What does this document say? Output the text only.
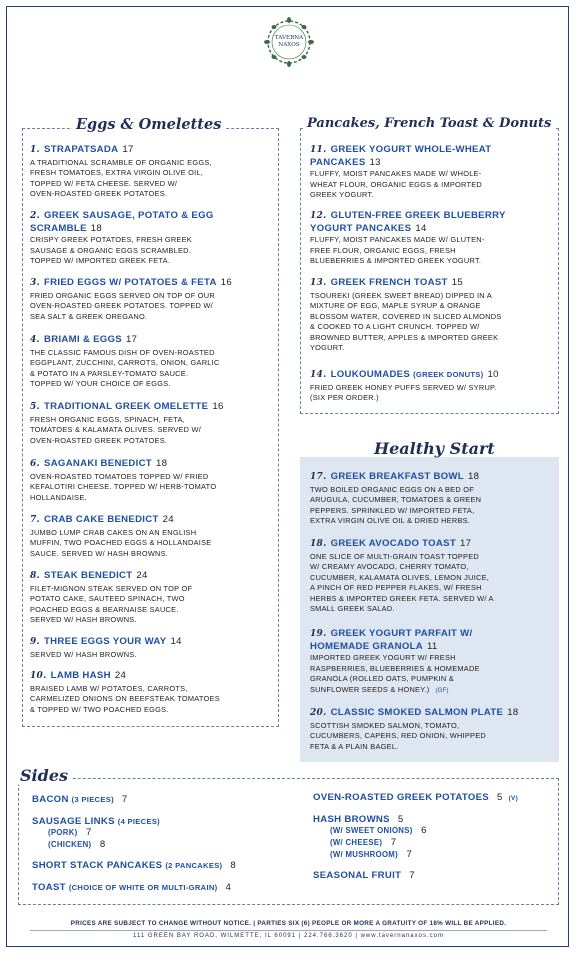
TAVERNA NAXOS
Eggs & Omelettes
1. STRAPATSADA 17
A TRADITIONAL SCRAMBLE OF ORGANIC EGGS,
FRESH TOMATOES, EXTRA VIRGIN OLIVE OIL,
TOPPED W/ FETA CHEESE. SERVED W/
OVEN-ROASTED GREEK POTATOES.
2. GREEK SAUSAGE, POTATO & EGG
SCRAMBLE 18
CRISPY GREEK POTATOES, FRESH GREEK
SAUSAGE & ORGANIC EGGS SCRAMBLED.
TOPPED W/ IMPORTED GREEK FETA.
3. FRIED EGGS W/ POTATOES & FETA 16
FRIED ORGANIC EGGS SERVED ON TOP OF OUR
OVEN-ROASTED GREEK POTATOES. TOPPED W/
SEA SALT & GREEK OREGANO.
4. BRIAMI & EGGS 17
THE CLASSIC FAMOUS DISH OF OVEN-ROASTED
EGGPLANT, ZUCCHINI, CARROTS, ONION, GARLIC
& POTATO IN A PARSLEY-TOMATO SAUCE.
TOPPED W/ YOUR CHOICE OF EGGS.
5. TRADITIONAL GREEK OMELETTE 16
FRESH ORGANIC EGGS, SPINACH, FETA,
TOMATOES & KALAMATA OLIVES. SERVED W/
OVEN-ROASTED GREEK POTATOES.
6. SAGANAKI BENEDICT 18
OVEN-ROASTED TOMATOES TOPPED W/ FRIED
KEFALOTIRI CHEESE. TOPPED W/ HERB-TOMATO
HOLLANDAISE.
7. CRAB CAKE BENEDICT 24
JUMBO LUMP CRAB CAKES ON AN ENGLISH
MUFFIN, TWO POACHED EGGS & HOLLANDAISE
SAUCE. SERVED W/ HASH BROWNS.
8. STEAK BENEDICT 24
FILET-MIGNON STEAK SERVED ON TOP OF
POTATO CAKE, SAUTEED SPINACH, TWO
POACHED EGGS & BEARNAISE SAUCE.
SERVED W/ HASH BROWNS.
9. THREE EGGS YOUR WAY 14
SERVED W/ HASH BROWNS.
10. LAMB HASH 24
BRAISED LAMB W/ POTATOES, CARROTS,
CARMELIZED ONIONS ON BEEFSTEAK TOMATOES
& TOPPED W/ TWO POACHED EGGS.
Pancakes, French Toast & Donuts
11. GREEK YOGURT WHOLE-WHEAT
PANCAKES 13
FLUFFY, MOIST PANCAKES MADE W/ WHOLE-
WHEAT FLOUR, ORGANIC EGGS & IMPORTED
GREEK YOGURT.
12. GLUTEN-FREE GREEK BLUEBERRY
YOGURT PANCAKES 14
FLUFFY, MOIST PANCAKES MADE W/ GLUTEN-
FREE FLOUR, ORGANIC EGGS, FRESH
BLUEBERRIES & IMPORTED GREEK YOGURT.
13. GREEK FRENCH TOAST 15
TSOUREKI (GREEK SWEET BREAD) DIPPED IN A
MIXTURE OF EGG, MAPLE SYRUP & ORANGE
BLOSSOM WATER, COVERED IN SLICED ALMONDS
& COOKED TO A LIGHT CRUNCH. TOPPED W/
BROWNED BUTTER, APPLES & IMPORTED GREEK
YOGURT.
14. LOUKOUMADES (GREEK DONUTS) 10
FRIED GREEK HONEY PUFFS SERVED W/ SYRUP.
(SIX PER ORDER.)
Healthy Start
17. GREEK BREAKFAST BOWL 18
TWO BOILED ORGANIC EGGS ON A BED OF
ARUGULA, CUCUMBER, TOMATOES & GREEN
PEPPERS. SPRINKLED W/ IMPORTED FETA,
EXTRA VIRGIN OLIVE OIL & DRIED HERBS.
18. GREEK AVOCADO TOAST 17
ONE SLICE OF MULTI-GRAIN TOAST TOPPED
W/ CREAMY AVOCADO, CHERRY TOMATO,
CUCUMBER, KALAMATA OLIVES, LEMON JUICE,
A PINCH OF RED PEPPER FLAKES, W/ FRESH
HERBS & IMPORTED GREEK FETA. SERVED W/ A
SMALL GREEK SALAD.
19. GREEK YOGURT PARFAIT W/
HOMEMADE GRANOLA 11
IMPORTED GREEK YOGURT W/ FRESH
RASPBERRIES, BLUEBERRIES & HOMEMADE
GRANOLA (ROLLED OATS, PUMPKIN &
SUNFLOWER SEEDS & HONEY.) (GF)
20. CLASSIC SMOKED SALMON PLATE 18
SCOTTISH SMOKED SALMON, TOMATO,
CUCUMBERS, CAPERS, RED ONION, WHIPPED
FETA & A PLAIN BAGEL.
Sides
BACON (3 PIECES) 7
SAUSAGE LINKS (4 PIECES)
(PORK) 7
(CHICKEN) 8
SHORT STACK PANCAKES (2 PANCAKES) 8
TOAST (CHOICE OF WHITE OR MULTI-GRAIN) 4
OVEN-ROASTED GREEK POTATOES 5 (V)
HASH BROWNS 5
(W/ SWEET ONIONS) 6
(W/ CHEESE) 7
(W/ MUSHROOM) 7
SEASONAL FRUIT 7
PRICES ARE SUBJECT TO CHANGE WITHOUT NOTICE. | PARTIES SIX (6) PEOPLE OR MORE A GRATUITY OF 18% WILL BE APPLIED.
111 GREEN BAY ROAD, WILMETTE, IL 60091 | 224.766.3620 | www.tavernanaxos.com
